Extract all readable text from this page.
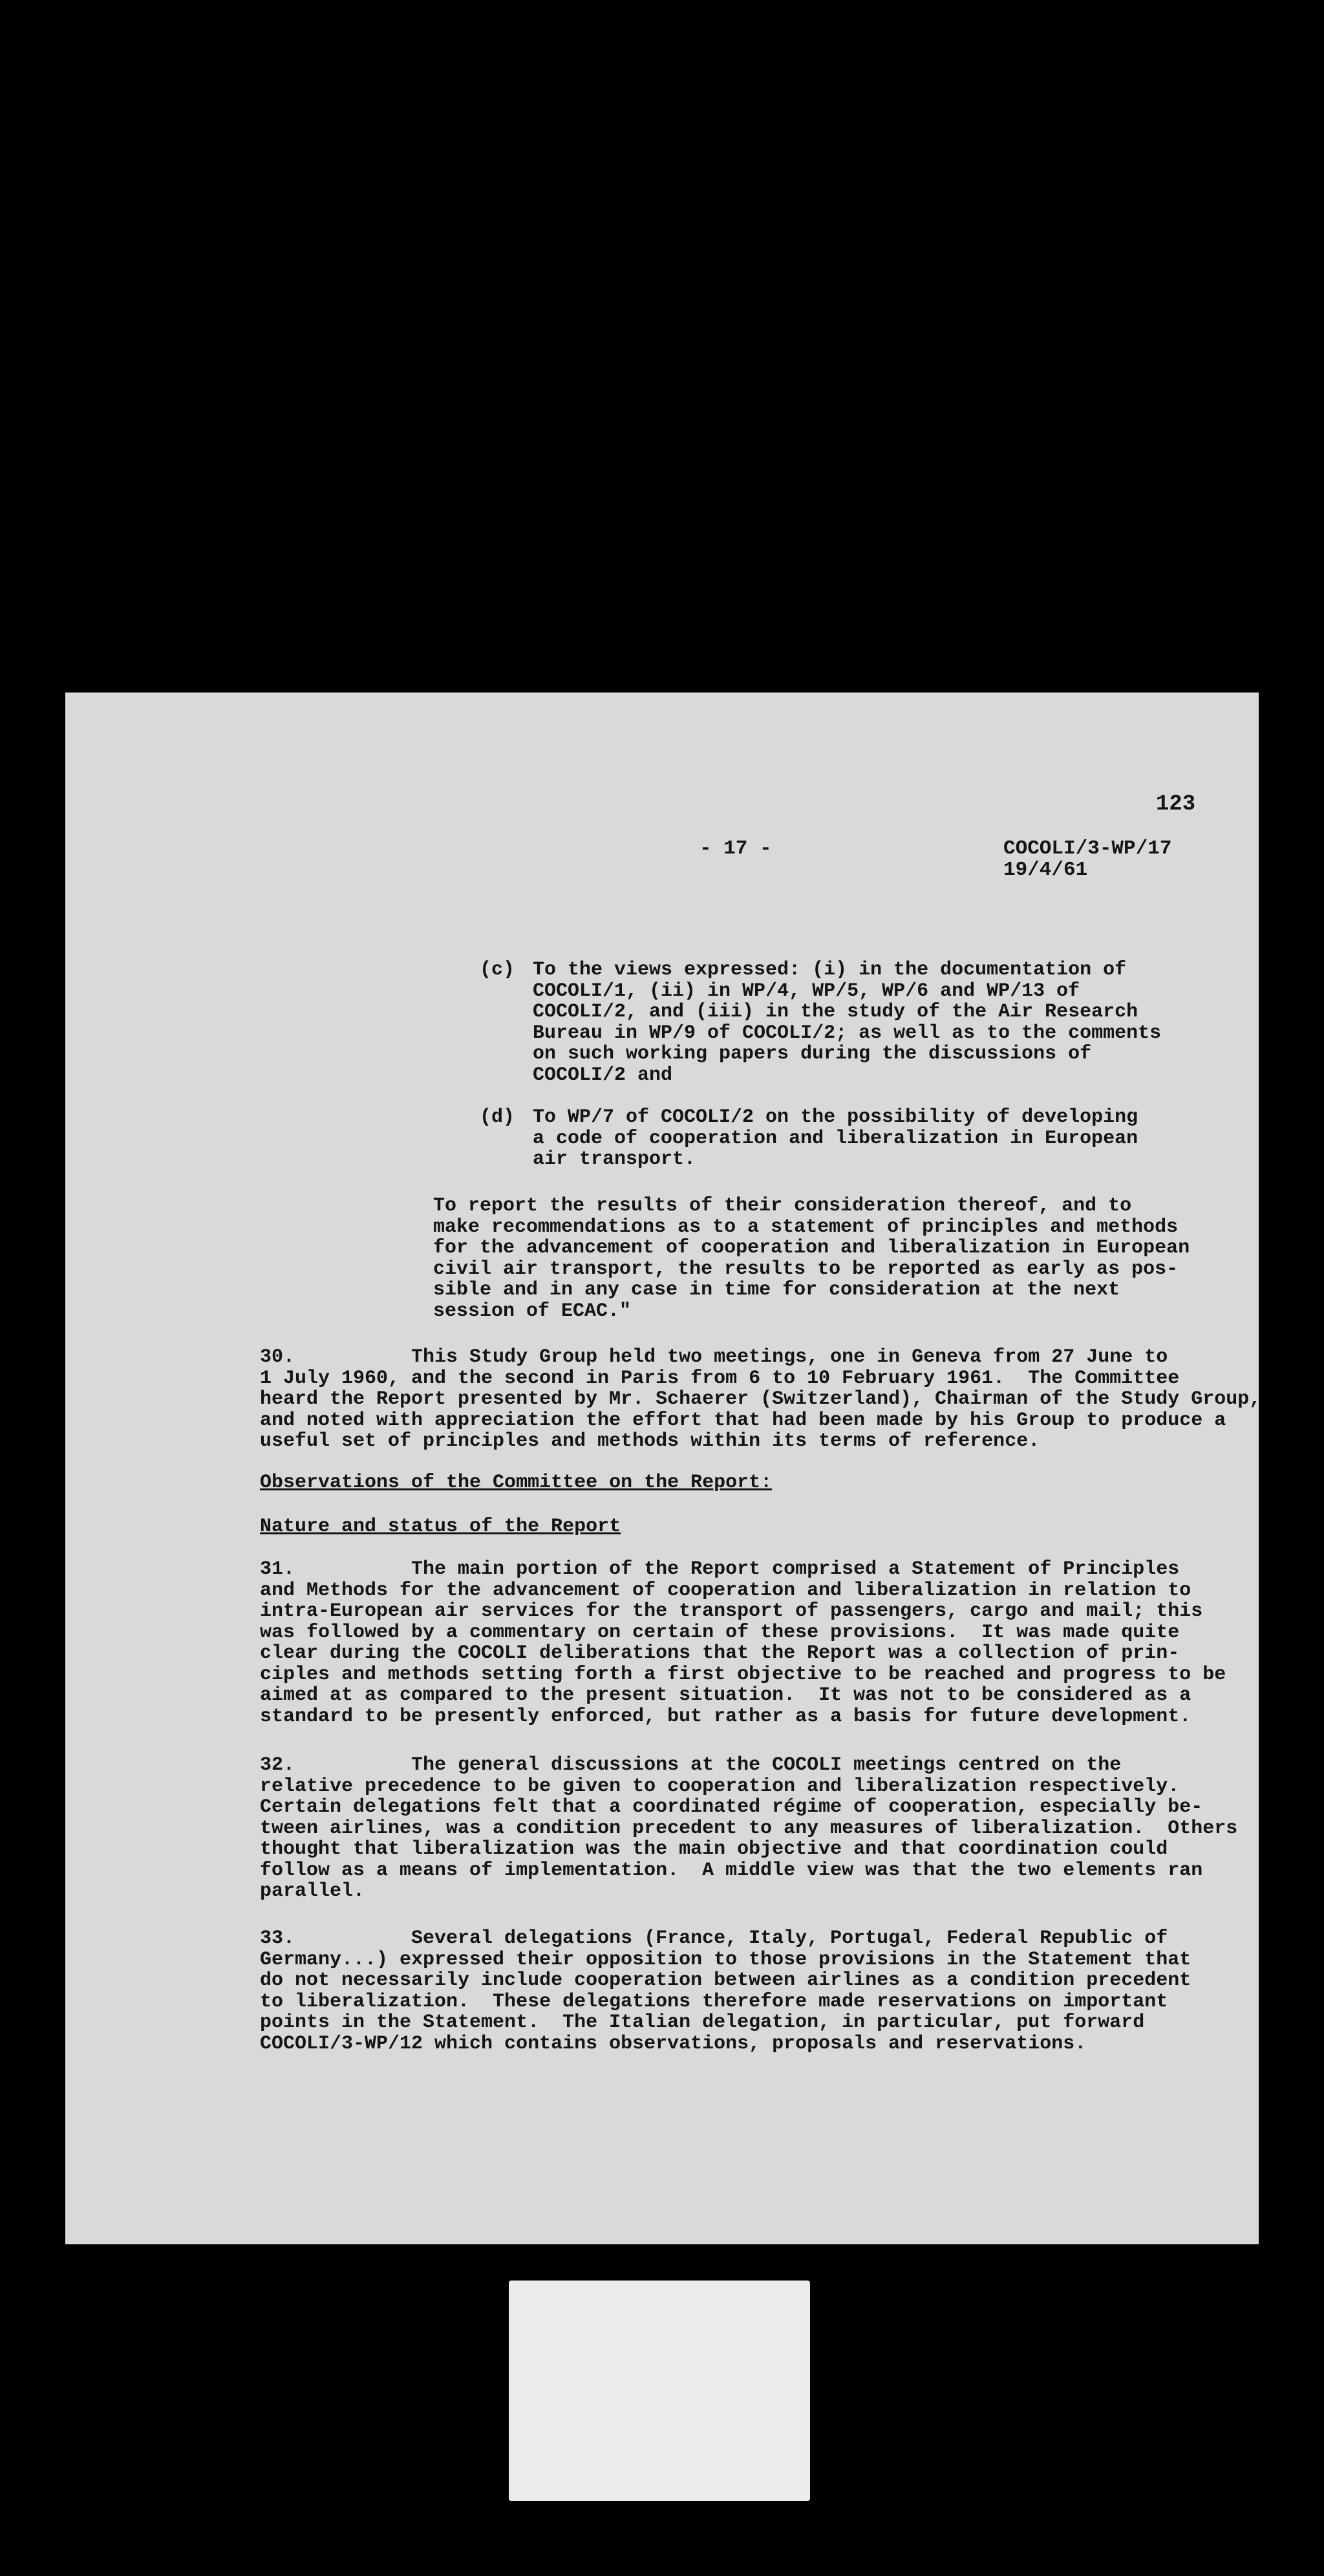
123
- 17 -	COCOLI/3-WP/17
19/4/61
(c) To the views expressed: (i) in the documentation of
COCOLI/1, (ii) in WP/4, WP/5, WP/6 and WP/13 of
COCOLI/2, and (iii) in the study of the Air Research
Bureau in WP/9 of COCOLI/2; as well as to the comments
on such working papers during the discussions of
COCOLI/2 and
(d) To WP/7 of COCOLI/2 on the possibility of developing
a code of cooperation and liberalization in European
air transport.
To report the results of their consideration thereof, and to
make recommendations as to a statement of principles and methods
for the advancement of cooperation and liberalization in European
civil air transport, the results to be reported as early as pos-
sible and in any case in time for consideration at the next
session of ECAC."
30.          This Study Group held two meetings, one in Geneva from 27 June to
1 July 1960, and the second in Paris from 6 to 10 February 1961.  The Committee
heard the Report presented by Mr. Schaerer (Switzerland), Chairman of the Study Group,
and noted with appreciation the effort that had been made by his Group to produce a
useful set of principles and methods within its terms of reference.
Observations of the Committee on the Report:
Nature and status of the Report
31.          The main portion of the Report comprised a Statement of Principles
and Methods for the advancement of cooperation and liberalization in relation to
intra-European air services for the transport of passengers, cargo and mail; this
was followed by a commentary on certain of these provisions.  It was made quite
clear during the COCOLI deliberations that the Report was a collection of prin-
ciples and methods setting forth a first objective to be reached and progress to be
aimed at as compared to the present situation.  It was not to be considered as a
standard to be presently enforced, but rather as a basis for future development.
32.          The general discussions at the COCOLI meetings centred on the
relative precedence to be given to cooperation and liberalization respectively.
Certain delegations felt that a coordinated régime of cooperation, especially be-
tween airlines, was a condition precedent to any measures of liberalization.  Others
thought that liberalization was the main objective and that coordination could
follow as a means of implementation.  A middle view was that the two elements ran
parallel.
33.          Several delegations (France, Italy, Portugal, Federal Republic of
Germany...) expressed their opposition to those provisions in the Statement that
do not necessarily include cooperation between airlines as a condition precedent
to liberalization.  These delegations therefore made reservations on important
points in the Statement.  The Italian delegation, in particular, put forward
COCOLI/3-WP/12 which contains observations, proposals and reservations.
